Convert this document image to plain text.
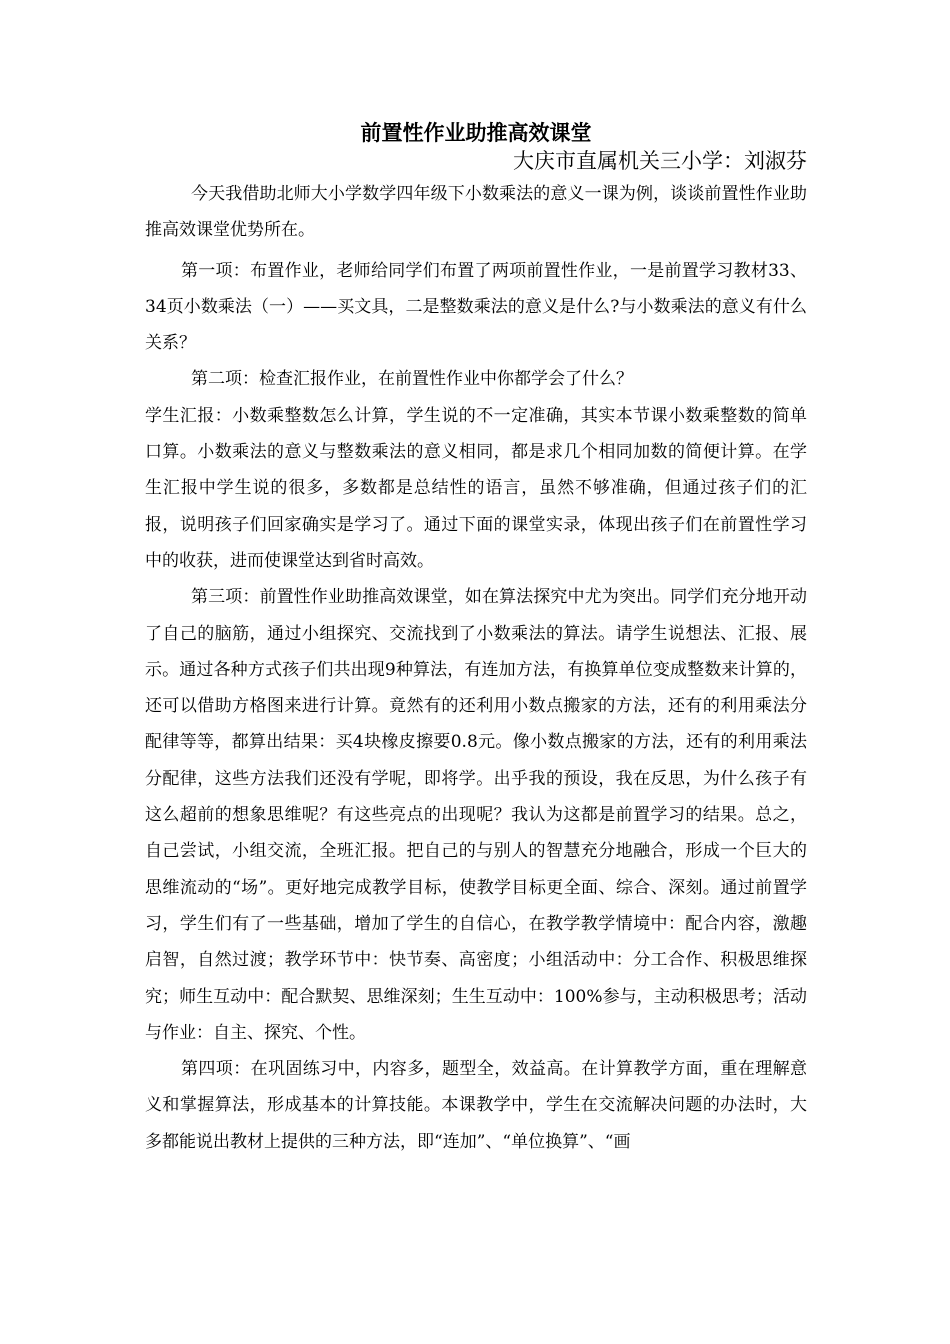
前置性作业助推高效课堂
大庆市直属机关三小学：刘淑芬

今天我借助北师大小学数学四年级下小数乘法的意义一课为例，谈谈前置性作业助推高效课堂优势所在。

第一项：布置作业，老师给同学们布置了两项前置性作业，一是前置学习教材33、34页小数乘法（一）——买文具，二是整数乘法的意义是什么?与小数乘法的意义有什么关系？

第二项：检查汇报作业，在前置性作业中你都学会了什么？

学生汇报：小数乘整数怎么计算，学生说的不一定准确，其实本节课小数乘整数的简单口算。小数乘法的意义与整数乘法的意义相同，都是求几个相同加数的简便计算。在学生汇报中学生说的很多，多数都是总结性的语言，虽然不够准确，但通过孩子们的汇报，说明孩子们回家确实是学习了。通过下面的课堂实录，体现出孩子们在前置性学习中的收获，进而使课堂达到省时高效。

第三项：前置性作业助推高效课堂，如在算法探究中尤为突出。同学们充分地开动了自己的脑筋，通过小组探究、交流找到了小数乘法的算法。请学生说想法、汇报、展示。通过各种方式孩子们共出现9种算法，有连加方法，有换算单位变成整数来计算的，还可以借助方格图来进行计算。竟然有的还利用小数点搬家的方法，还有的利用乘法分配律等等，都算出结果：买4块橡皮擦要0.8元。像小数点搬家的方法，还有的利用乘法分配律，这些方法我们还没有学呢，即将学。出乎我的预设，我在反思，为什么孩子有这么超前的想象思维呢？有这些亮点的出现呢？我认为这都是前置学习的结果。总之，自己尝试，小组交流，全班汇报。把自己的与别人的智慧充分地融合，形成一个巨大的思维流动的“场”。更好地完成教学目标，使教学目标更全面、综合、深刻。通过前置学习，学生们有了一些基础，增加了学生的自信心，在教学教学情境中：配合内容，激趣启智，自然过渡；教学环节中：快节奏、高密度；小组活动中：分工合作、积极思维探究；师生互动中：配合默契、思维深刻；生生互动中：100%参与，主动积极思考；活动与作业：自主、探究、个性。

第四项：在巩固练习中，内容多，题型全，效益高。在计算教学方面，重在理解意义和掌握算法，形成基本的计算技能。本课教学中，学生在交流解决问题的办法时，大多都能说出教材上提供的三种方法，即“连加”、“单位换算”、“画
